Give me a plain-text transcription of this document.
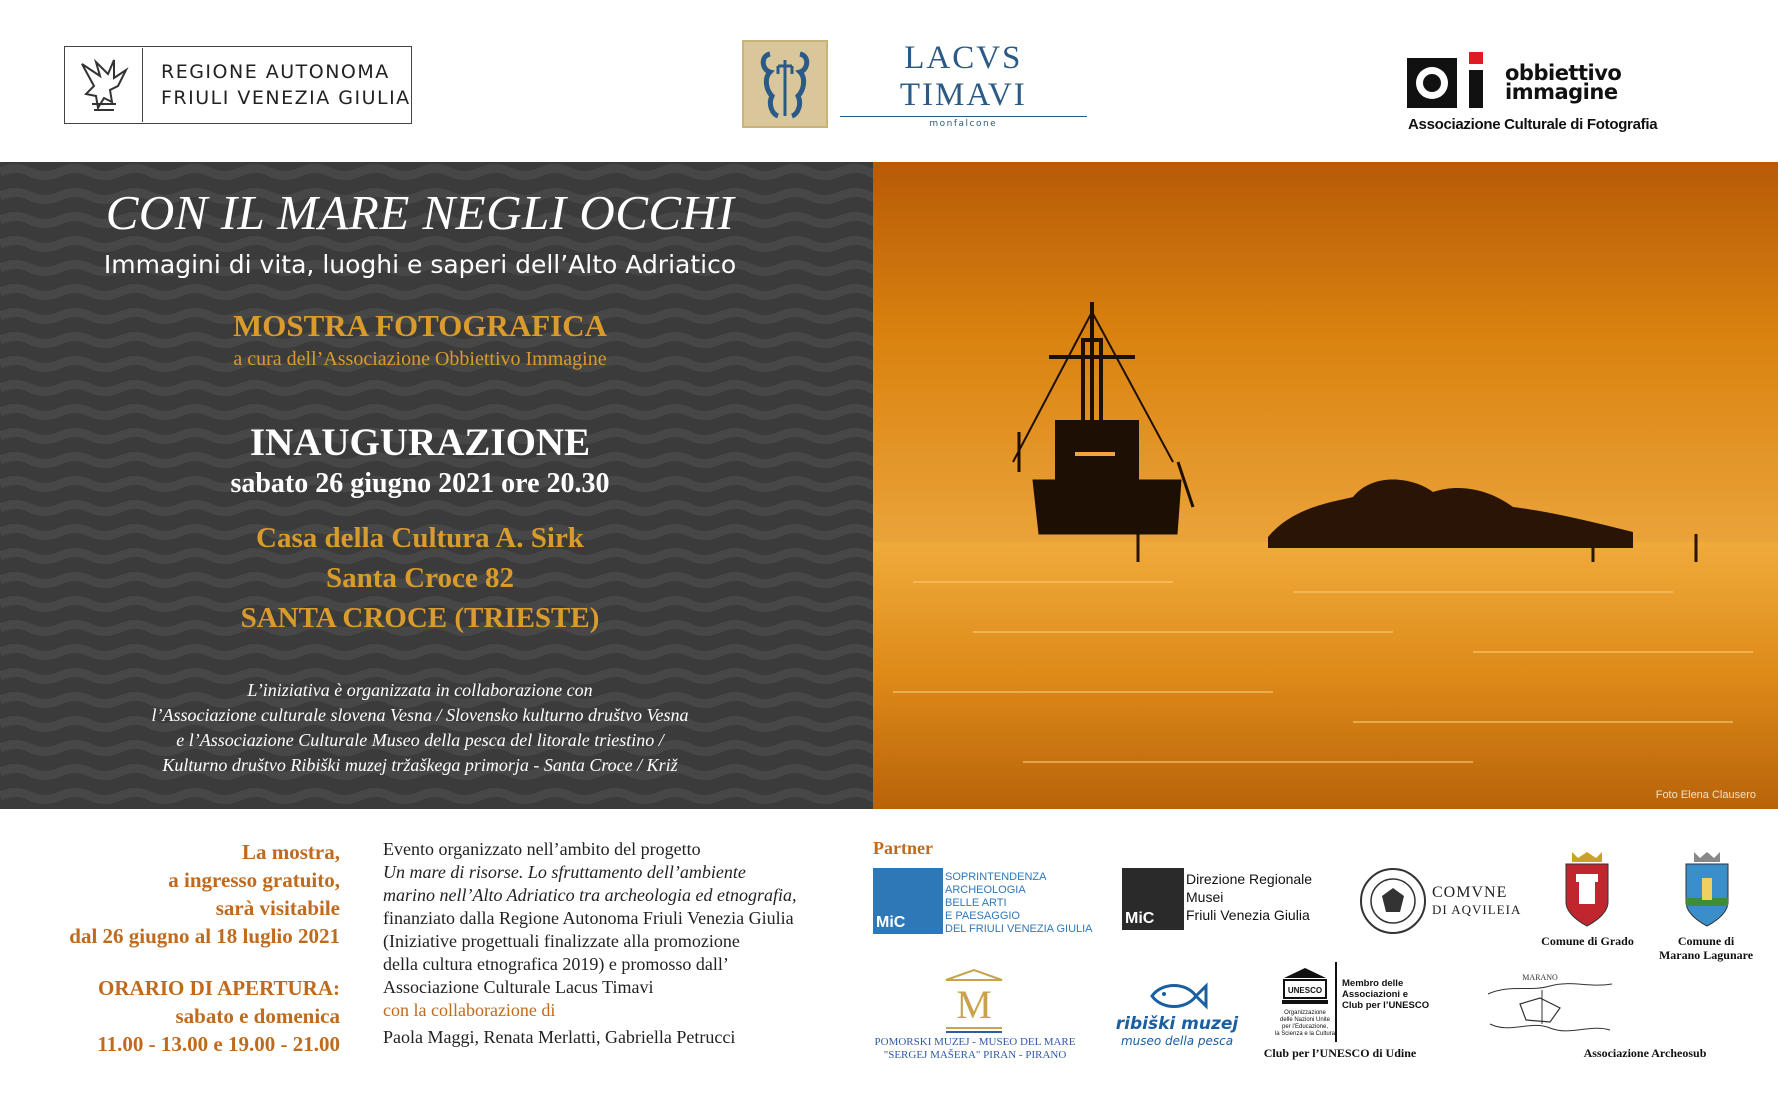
REGIONE AUTONOMA
FRIULI VENEZIA GIULIA
LACVS TIMAVI
monfalcone
obbiettivo
immagine
Associazione Culturale di Fotografia
CON IL MARE NEGLI OCCHI
Immagini di vita, luoghi e saperi dell’Alto Adriatico
MOSTRA FOTOGRAFICA
a cura dell’Associazione Obbiettivo Immagine
INAUGURAZIONE
sabato 26 giugno 2021 ore 20.30
Casa della Cultura A. Sirk
Santa Croce 82
SANTA CROCE (TRIESTE)
L’iniziativa è organizzata in collaborazione con
l’Associazione culturale slovena Vesna / Slovensko kulturno društvo Vesna
e l’Associazione Culturale Museo della pesca del litorale triestino /
Kulturno društvo Ribiški muzej tržaškega primorja - Santa Croce / Križ
Foto Elena Clausero
La mostra,
a ingresso gratuito,
sarà visitabile
dal 26 giugno al 18 luglio 2021
ORARIO DI APERTURA:
sabato e domenica
11.00 - 13.00 e 19.00 - 21.00
Evento organizzato nell’ambito del progetto
Un mare di risorse. Lo sfruttamento dell’ambiente
marino nell’Alto Adriatico tra archeologia ed etnografia,
finanziato dalla Regione Autonoma Friuli Venezia Giulia
(Iniziative progettuali finalizzate alla promozione
della cultura etnografica 2019) e promosso dall’
Associazione Culturale Lacus Timavi
con la collaborazione di
Paola Maggi, Renata Merlatti, Gabriella Petrucci
Partner
MiC
SOPRINTENDENZA
ARCHEOLOGIA
BELLE ARTI
E PAESAGGIO
DEL FRIULI VENEZIA GIULIA
MiC
Direzione Regionale
Musei
Friuli Venezia Giulia
COMVNE
DI AQVILEIA
Comune di Grado	Comune di
Marano Lagunare
M
POMORSKI MUZEJ - MUSEO DEL MARE
"SERGEJ MAŠERA" PIRAN - PIRANO
ribiški muzej
museo della pesca
UNESCO
Membro delle
Associazioni e
Club per l’UNESCO
Organizzazione
delle Nazioni Unite
per l’Educazione,
la Scienza e la Cultura
Club per l’UNESCO di Udine
MARANO
Associazione Archeosub
